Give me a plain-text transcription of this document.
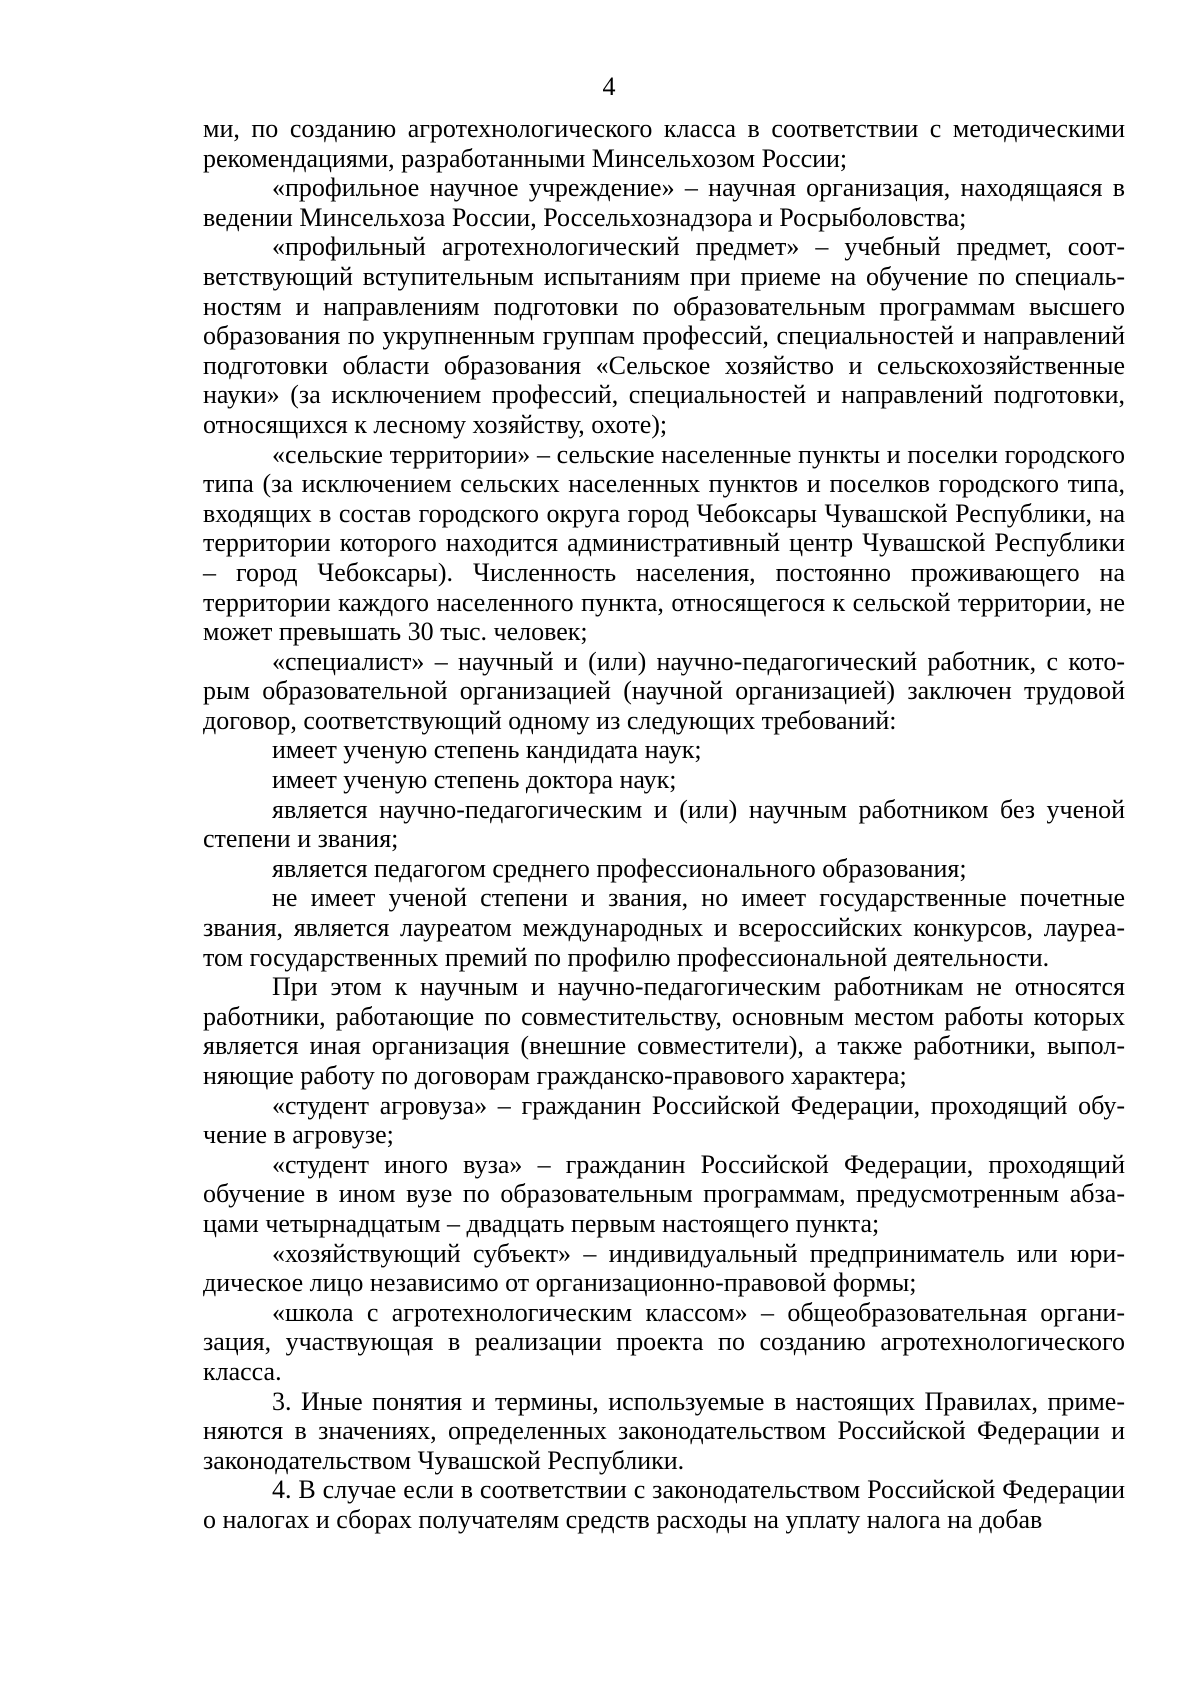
4

ми, по созданию агротехнологического класса в соответствии с методическими рекомендациями, разработанными Минсельхозом России;

«профильное научное учреждение» – научная организация, находящаяся в ведении Минсельхоза России, Россельхознадзора и Росрыболовства;

«профильный агротехнологический предмет» – учебный предмет, соответствующий вступительным испытаниям при приеме на обучение по специальностям и направлениям подготовки по образовательным программам высшего образования по укрупненным группам профессий, специальностей и направлений подготовки области образования «Сельское хозяйство и сельскохозяйственные науки» (за исключением профессий, специальностей и направлений подготовки, относящихся к лесному хозяйству, охоте);

«сельские территории» – сельские населенные пункты и поселки городского типа (за исключением сельских населенных пунктов и поселков городского типа, входящих в состав городского округа город Чебоксары Чувашской Республики, на территории которого находится административный центр Чувашской Республики – город Чебоксары). Численность населения, постоянно проживающего на территории каждого населенного пункта, относящегося к сельской территории, не может превышать 30 тыс. человек;

«специалист» – научный и (или) научно-педагогический работник, с которым образовательной организацией (научной организацией) заключен трудовой договор, соответствующий одному из следующих требований:

имеет ученую степень кандидата наук;

имеет ученую степень доктора наук;

является научно-педагогическим и (или) научным работником без ученой степени и звания;

является педагогом среднего профессионального образования;

не имеет ученой степени и звания, но имеет государственные почетные звания, является лауреатом международных и всероссийских конкурсов, лауреатом государственных премий по профилю профессиональной деятельности.

При этом к научным и научно-педагогическим работникам не относятся работники, работающие по совместительству, основным местом работы которых является иная организация (внешние совместители), а также работники, выполняющие работу по договорам гражданско-правового характера;

«студент агровуза» – гражданин Российской Федерации, проходящий обучение в агровузе;

«студент иного вуза» – гражданин Российской Федерации, проходящий обучение в ином вузе по образовательным программам, предусмотренным абзацами четырнадцатым – двадцать первым настоящего пункта;

«хозяйствующий субъект» – индивидуальный предприниматель или юридическое лицо независимо от организационно-правовой формы;

«школа с агротехнологическим классом» – общеобразовательная организация, участвующая в реализации проекта по созданию агротехнологического класса.

3. Иные понятия и термины, используемые в настоящих Правилах, применяются в значениях, определенных законодательством Российской Федерации и законодательством Чувашской Республики.

4. В случае если в соответствии с законодательством Российской Федерации о налогах и сборах получателям средств расходы на уплату налога на добав
